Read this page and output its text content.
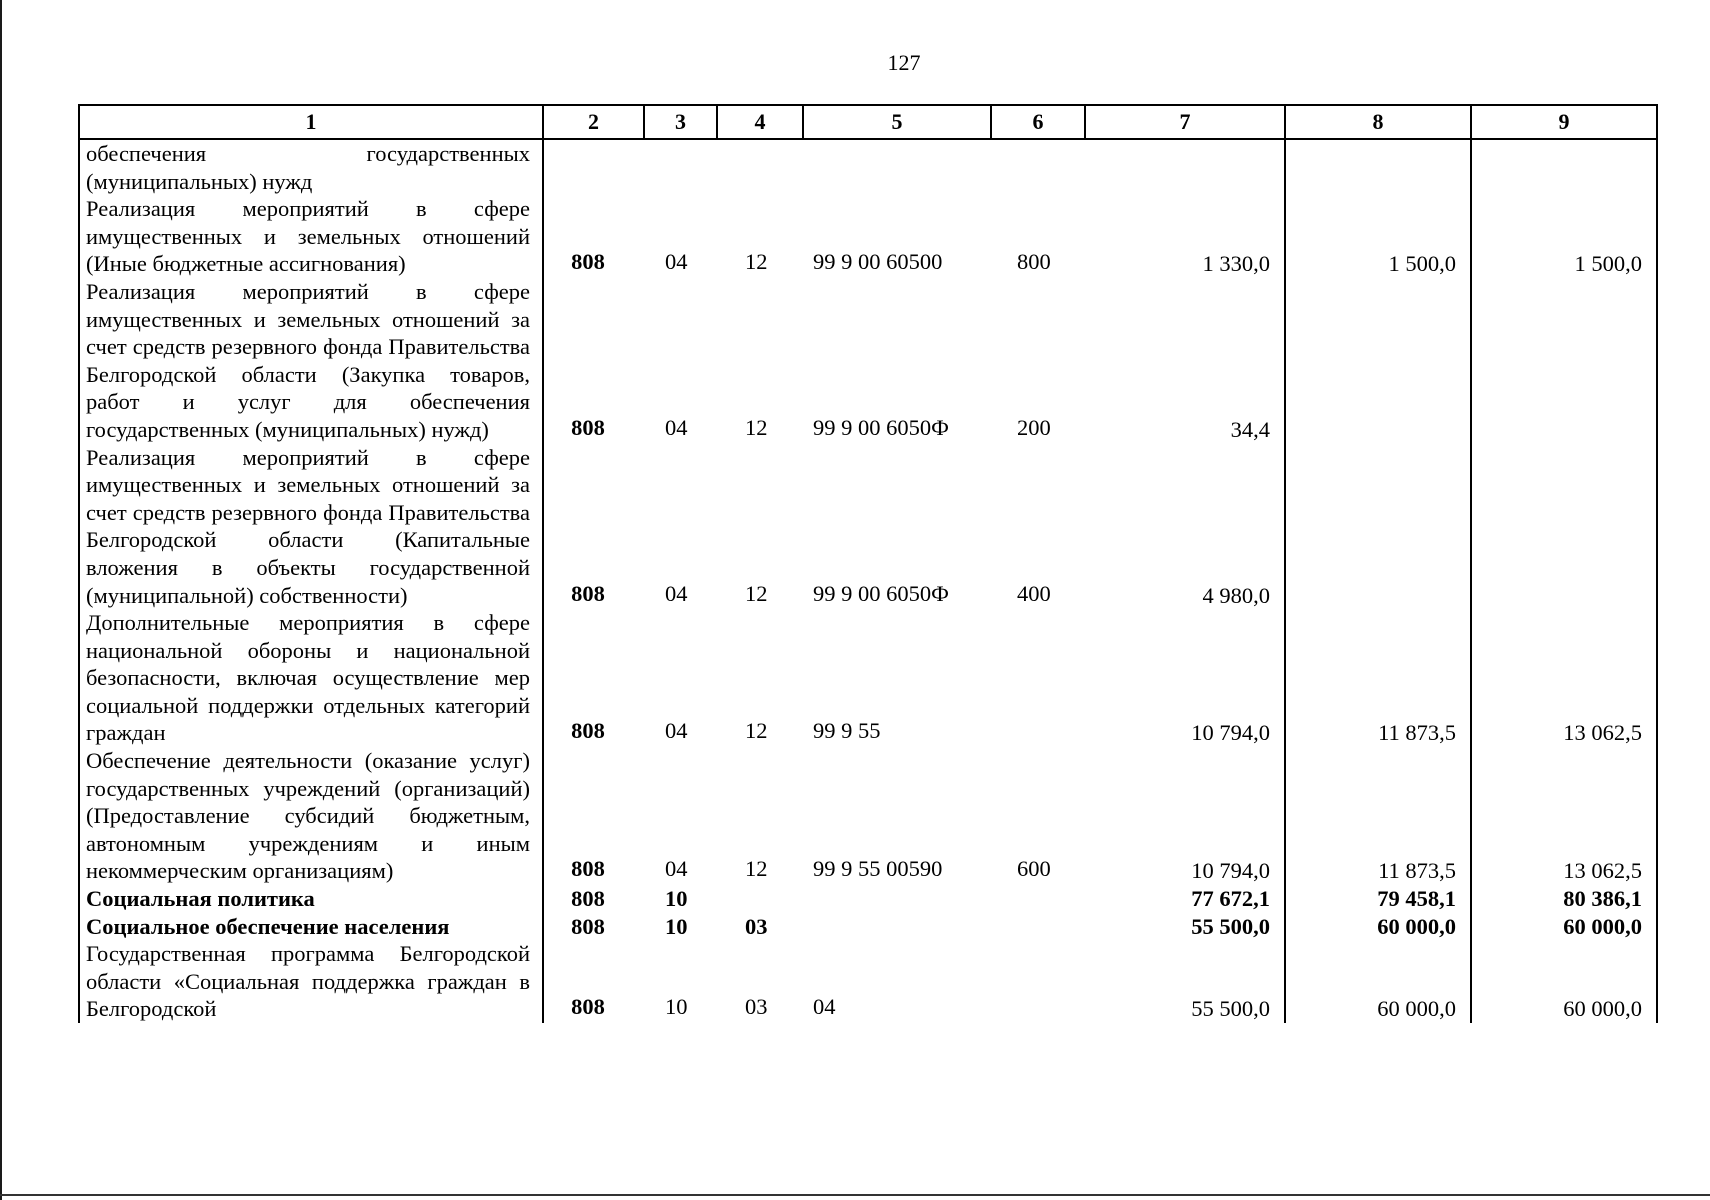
127
1	2	3	4	5	6	7	8	9
обеспечения государственных (муниципальных) нужд								
Реализация мероприятий в сфере имущественных и земельных отношений (Иные бюджетные ассигнования)	808	04	12	99 9 00 60500	800	1 330,0	1 500,0	1 500,0
Реализация мероприятий в сфере имущественных и земельных отношений за счет средств резервного фонда Правительства Белгородской области (Закупка товаров, работ и услуг для обеспечения государственных (муниципальных) нужд)	808	04	12	99 9 00 6050Ф	200	34,4		
Реализация мероприятий в сфере имущественных и земельных отношений за счет средств резервного фонда Правительства Белгородской области (Капитальные вложения в объекты государственной (муниципальной) собственности)	808	04	12	99 9 00 6050Ф	400	4 980,0		
Дополнительные мероприятия в сфере национальной обороны и национальной безопасности, включая осуществление мер социальной поддержки отдельных категорий граждан	808	04	12	99 9 55		10 794,0	11 873,5	13 062,5
Обеспечение деятельности (оказание услуг) государственных учреждений (организаций) (Предоставление субсидий бюджетным, автономным учреждениям и иным некоммерческим организациям)	808	04	12	99 9 55 00590	600	10 794,0	11 873,5	13 062,5
Социальная политика	808	10				77 672,1	79 458,1	80 386,1
Социальное обеспечение населения	808	10	03			55 500,0	60 000,0	60 000,0
Государственная программа Белгородской области «Социальная поддержка граждан в Белгородской	808	10	03	04		55 500,0	60 000,0	60 000,0
